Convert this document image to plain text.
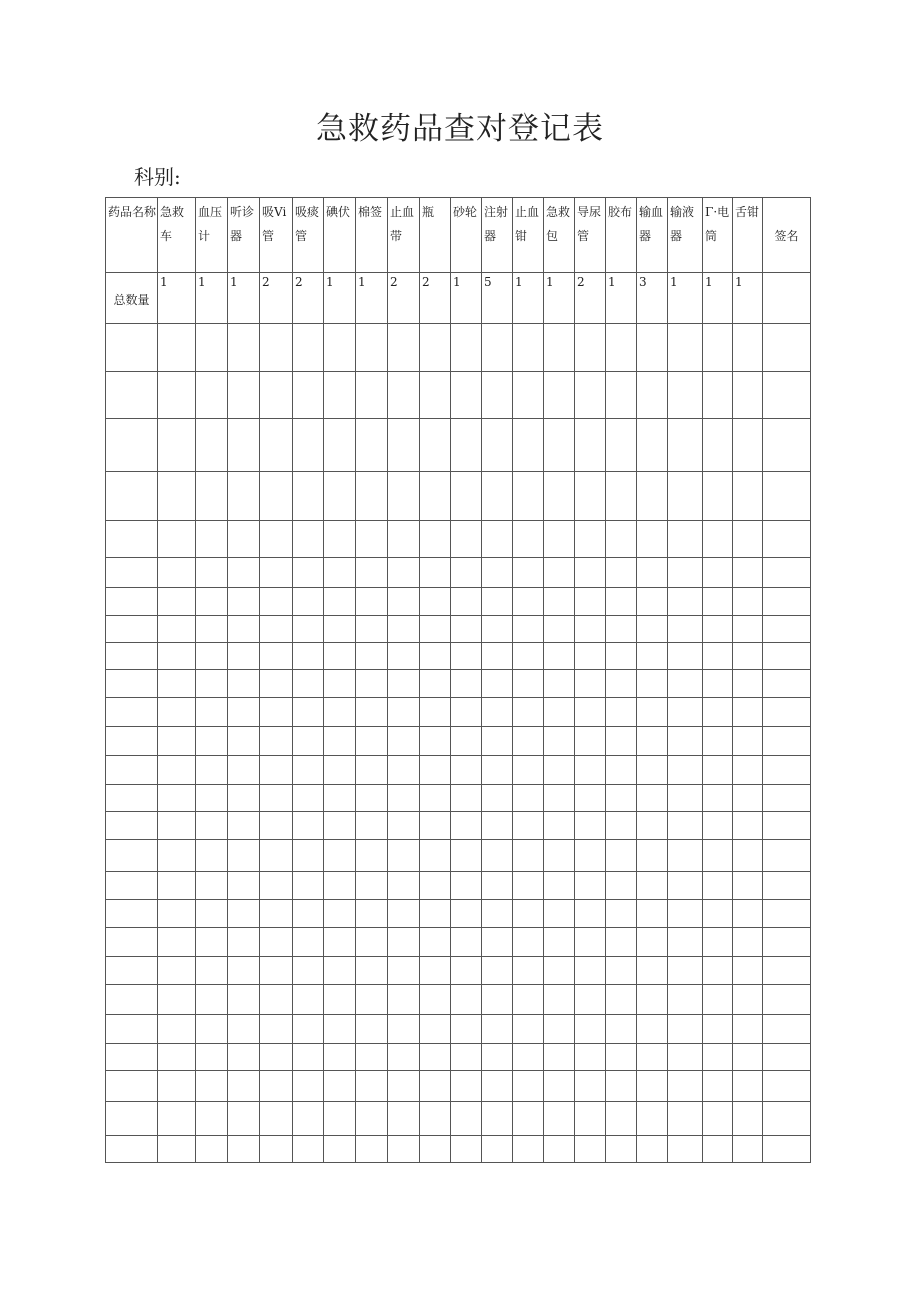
急救药品查对登记表
科别:
药品名称	急救车	血压计	听诊器	吸Vi管	吸痰管	碘伏	棉签	止血带	瓶	砂轮	注射器	止血钳	急救包	导尿管	胶布	输血器	输液器	Γ·电筒	舌钳	签名

总数量	1	1	1	2	2	1	1	2	2	1	5	1	1	2	1	3	1	1	1	
